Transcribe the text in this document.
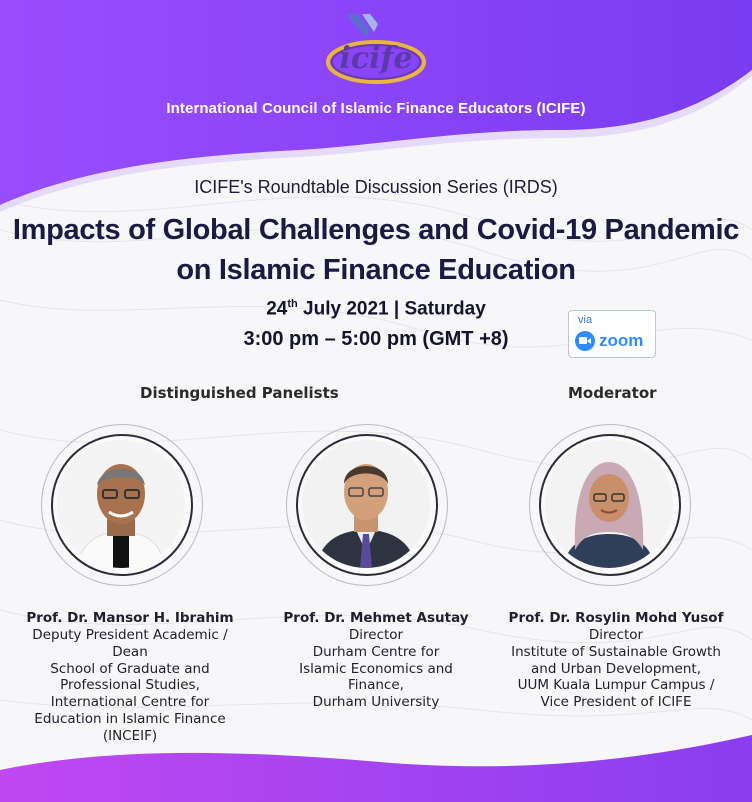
icife
International Council of Islamic Finance Educators (ICIFE)
ICIFE's Roundtable Discussion Series (IRDS)
Impacts of Global Challenges and Covid-19 Pandemic
on Islamic Finance Education
24th July 2021 | Saturday
3:00 pm – 5:00 pm (GMT +8)
via
zoom
Distinguished Panelists	Moderator
Prof. Dr. Mansor H. Ibrahim
Deputy President Academic /
Dean
School of Graduate and
Professional Studies,
International Centre for
Education in Islamic Finance
(INCEIF)
Prof. Dr. Mehmet Asutay
Director
Durham Centre for
Islamic Economics and
Finance,
Durham University
Prof. Dr. Rosylin Mohd Yusof
Director
Institute of Sustainable Growth
and Urban Development,
UUM Kuala Lumpur Campus /
Vice President of ICIFE
